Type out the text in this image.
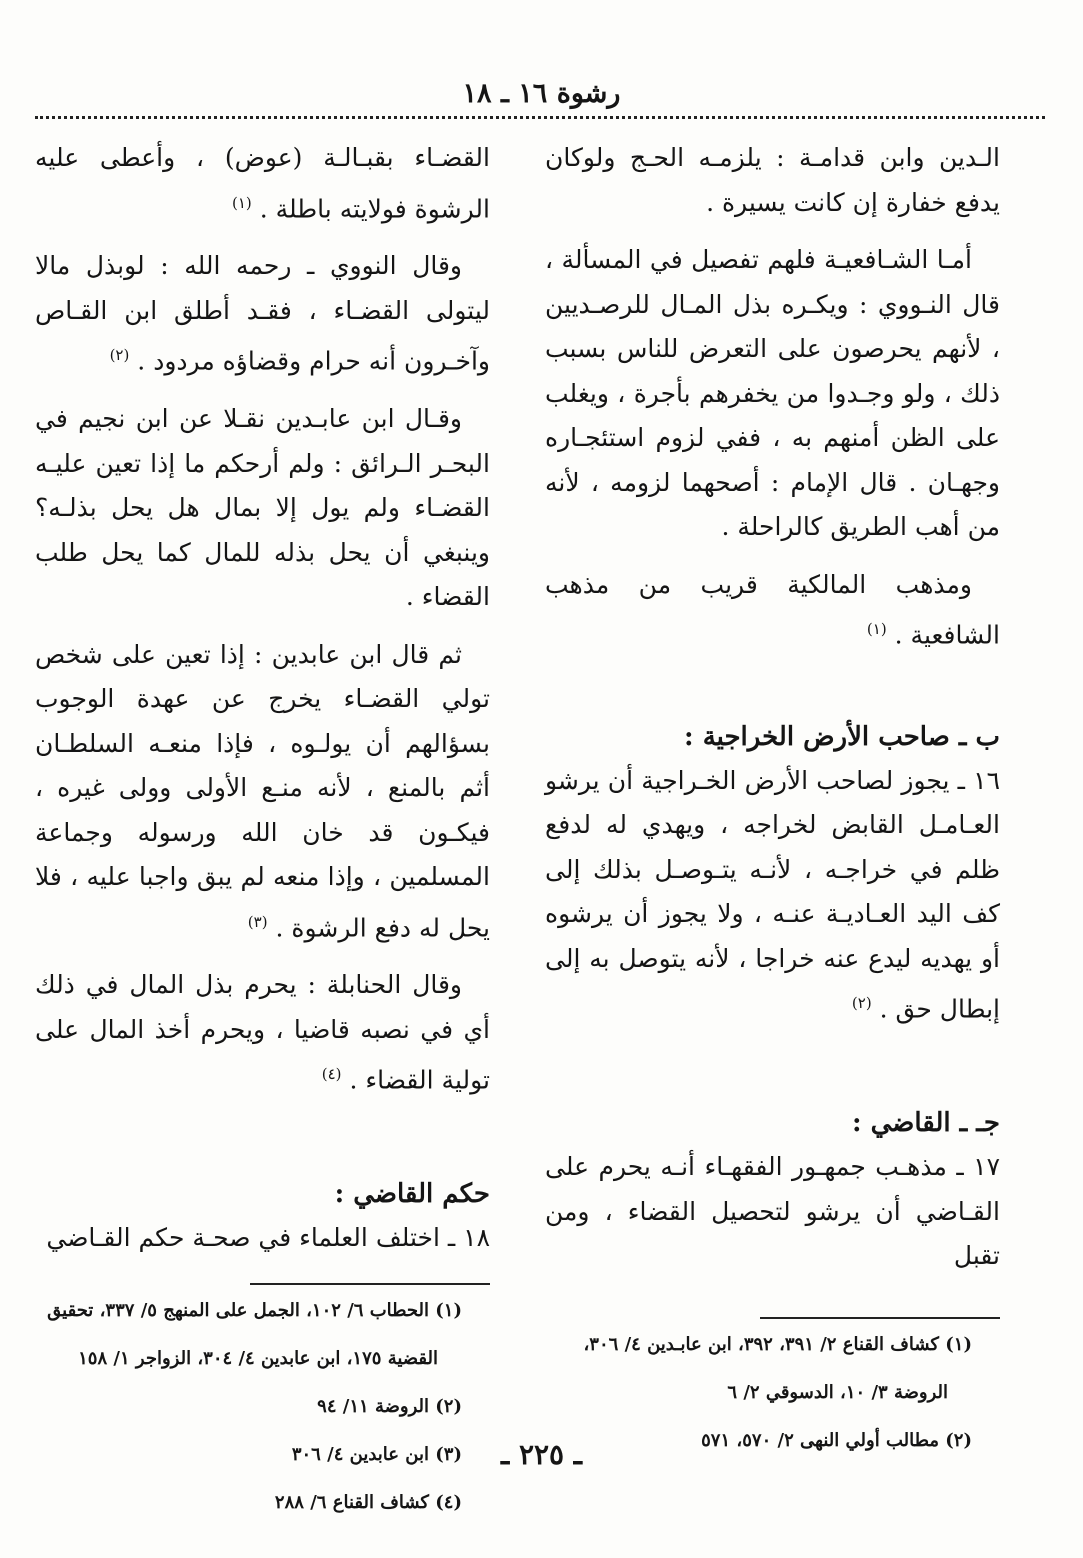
رشوة ١٦ ـ ١٨

الـدين وابن قدامـة : يلزمـه الحـج ولوكان يدفع خفارة إن كانت يسيرة .

أمـا الشـافعيـة فلهم تفصيل في المسألة ، قال النـووي : ويكـره بذل المـال للرصـديين ، لأنهم يحرصون على التعرض للناس بسبب ذلك ، ولو وجـدوا من يخفرهم بأجرة ، ويغلب على الظن أمنهم به ، ففي لزوم استئجـاره وجهـان . قال الإمام : أصحهما لزومه ، لأنه من أهب الطريق كالراحلة .

ومذهب المالكية قريب من مذهب الشافعية . $^{(١)}$

ب ـ صاحب الأرض الخراجية :

١٦ ـ يجوز لصاحب الأرض الخـراجية أن يرشو العـامـل القابض لخراجه ، ويهدي له لدفع ظلم في خراجـه ، لأنـه يتـوصـل بذلك إلى كف اليد العـاديـة عنـه ، ولا يجوز أن يرشوه أو يهديه ليدع عنه خراجا ، لأنه يتوصل به إلى إبطال حق . $^{(٢)}$

جـ ـ القاضي :

١٧ ـ مذهـب جمهـور الفقهـاء أنـه يحرم على القـاضي أن يرشو لتحصيل القضاء ، ومن تقبل

(١) كشاف القناع ٢/ ٣٩١، ٣٩٢، ابن عابـدين ٤/ ٣٠٦،

الروضة ٣/ ١٠، الدسوقي ٢/ ٦

(٢) مطالب أولي النهى ٢/ ٥٧٠، ٥٧١

القضـاء بقبـالـة (عوض) ، وأعطى عليه الرشوة فولايته باطلة . $^{(١)}$

وقال النووي ـ رحمه الله : لوبذل مالا ليتولى القضـاء ، فقـد أطلق ابن القـاص وآخـرون أنه حرام وقضاؤه مردود . $^{(٢)}$

وقـال ابن عابـدين نقـلا عن ابن نجيم في البحـر الـرائق : ولم أرحكم ما إذا تعين عليـه القضـاء ولم يول إلا بمال هل يحل بذلـه؟ وينبغي أن يحل بذله للمال كما يحل طلب القضاء .

ثم قال ابن عابدين : إذا تعين على شخص تولي القضـاء يخرج عن عهدة الوجوب بسؤالهم أن يولـوه ، فإذا منعـه السلطـان أثم بالمنع ، لأنه منـع الأولى وولى غيره ، فيكـون قد خان الله ورسوله وجماعة المسلمين ، وإذا منعه لم يبق واجبا عليه ، فلا يحل له دفع الرشوة . $^{(٣)}$

وقال الحنابلة : يحرم بذل المال في ذلك أي في نصبه قاضيا ، ويحرم أخذ المال على تولية القضاء . $^{(٤)}$

حكم القاضي :

١٨ ـ اختلف العلماء في صحـة حكم القـاضي

(١) الحطاب ٦/ ١٠٢، الجمل على المنهج ٥/ ٣٣٧، تحقيق

القضية ١٧٥، ابن عابدين ٤/ ٣٠٤، الزواجر ١/ ١٥٨

(٢) الروضة ١١/ ٩٤

(٣) ابن عابدين ٤/ ٣٠٦

(٤) كشاف القناع ٦/ ٢٨٨

ـ ٢٢٥ ـ
